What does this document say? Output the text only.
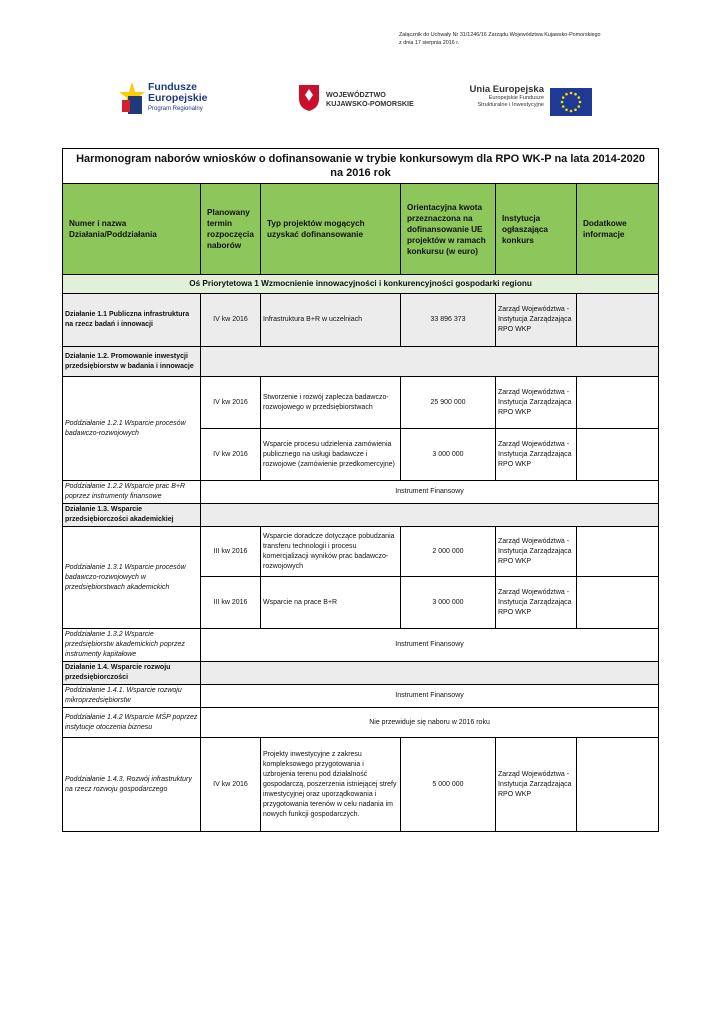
Załącznik do Uchwały Nr 31/1246/16 Zarządu Województwa Kujawsko-Pomorskiego
z dnia 17 sierpnia 2016 r.
Fundusze
Europejskie
Program Regionalny
WOJEWÓDZTWO
KUJAWSKO-POMORSKIE
Unia Europejska
Europejskie Fundusze
Strukturalne i Inwestycyjne
Harmonogram naborów wniosków o dofinansowanie w trybie konkursowym dla RPO WK-P na lata 2014-2020
na 2016 rok					

Numer i nazwa Działania/Poddziałania	Planowany termin rozpoczęcia naborów	Typ projektów mogących uzyskać dofinansowanie	Orientacyjna kwota przeznaczona na dofinansowanie UE projektów w ramach konkursu (w euro)	Instytucja ogłaszająca konkurs	Dodatkowe informacje
Oś Priorytetowa 1 Wzmocnienie innowacyjności i konkurencyjności gospodarki regionu					
Działanie 1.1 Publiczna infrastruktura na rzecz badań i innowacji	IV kw 2016	Infrastruktura B+R w uczelniach	33 896 373	Zarząd Województwa - Instytucja Zarządzająca RPO WKP	
Działanie 1.2. Promowanie inwestycji przedsiębiorstw w badania i innowacje					
Poddziałanie 1.2.1 Wsparcie procesów badawczo-rozwojowych	IV kw 2016	Stworzenie i rozwój zaplecza badawczo-rozwojowego w przedsiębiorstwach	25 900 000	Zarząd Województwa - Instytucja Zarządzająca RPO WKP	
	IV kw 2016	Wsparcie procesu udzielenia zamówienia publicznego na usługi badawcze i rozwojowe (zamówienie przedkomercyjne)	3 000 000	Zarząd Województwa - Instytucja Zarządzająca RPO WKP	
Poddziałanie 1.2.2 Wsparcie prac B+R poprzez instrumenty finansowe	Instrument Finansowy				
Działanie 1.3. Wsparcie przedsiębiorczości akademickiej					
Poddziałanie 1.3.1 Wsparcie procesów badawczo-rozwojowych w przedsiębiorstwach akademickich	III kw 2016	Wsparcie doradcze dotyczące pobudzania transferu technologii i procesu komercjalizacji wyników prac badawczo-rozwojowych	2 000 000	Zarząd Województwa - Instytucja Zarządzająca RPO WKP	
	III kw 2016	Wsparcie na prace B+R	3 000 000	Zarząd Województwa - Instytucja Zarządzająca RPO WKP	
Poddziałanie 1.3.2 Wsparcie przedsiębiorstw akademickich poprzez instrumenty kapitałowe	Instrument Finansowy				
Działanie 1.4. Wsparcie rozwoju przedsiębiorczości					
Poddziałanie 1.4.1. Wsparcie rozwoju mikroprzedsiębiorstw	Instrument Finansowy				
Poddziałanie 1.4.2 Wsparcie MŚP poprzez instytucje otoczenia biznesu	Nie przewiduje się naboru w 2016 roku				
Poddziałanie 1.4.3. Rozwój infrastruktury na rzecz rozwoju gospodarczego	IV kw 2016	Projekty inwestycyjne z zakresu kompleksowego przygotowania i uzbrojenia terenu pod działalność gospodarczą, poszerzenia istniejącej strefy inwestycyjnej oraz uporządkowania i przygotowania terenów w celu nadania im nowych funkcji gospodarczych.	5 000 000	Zarząd Województwa - Instytucja Zarządzająca RPO WKP	
